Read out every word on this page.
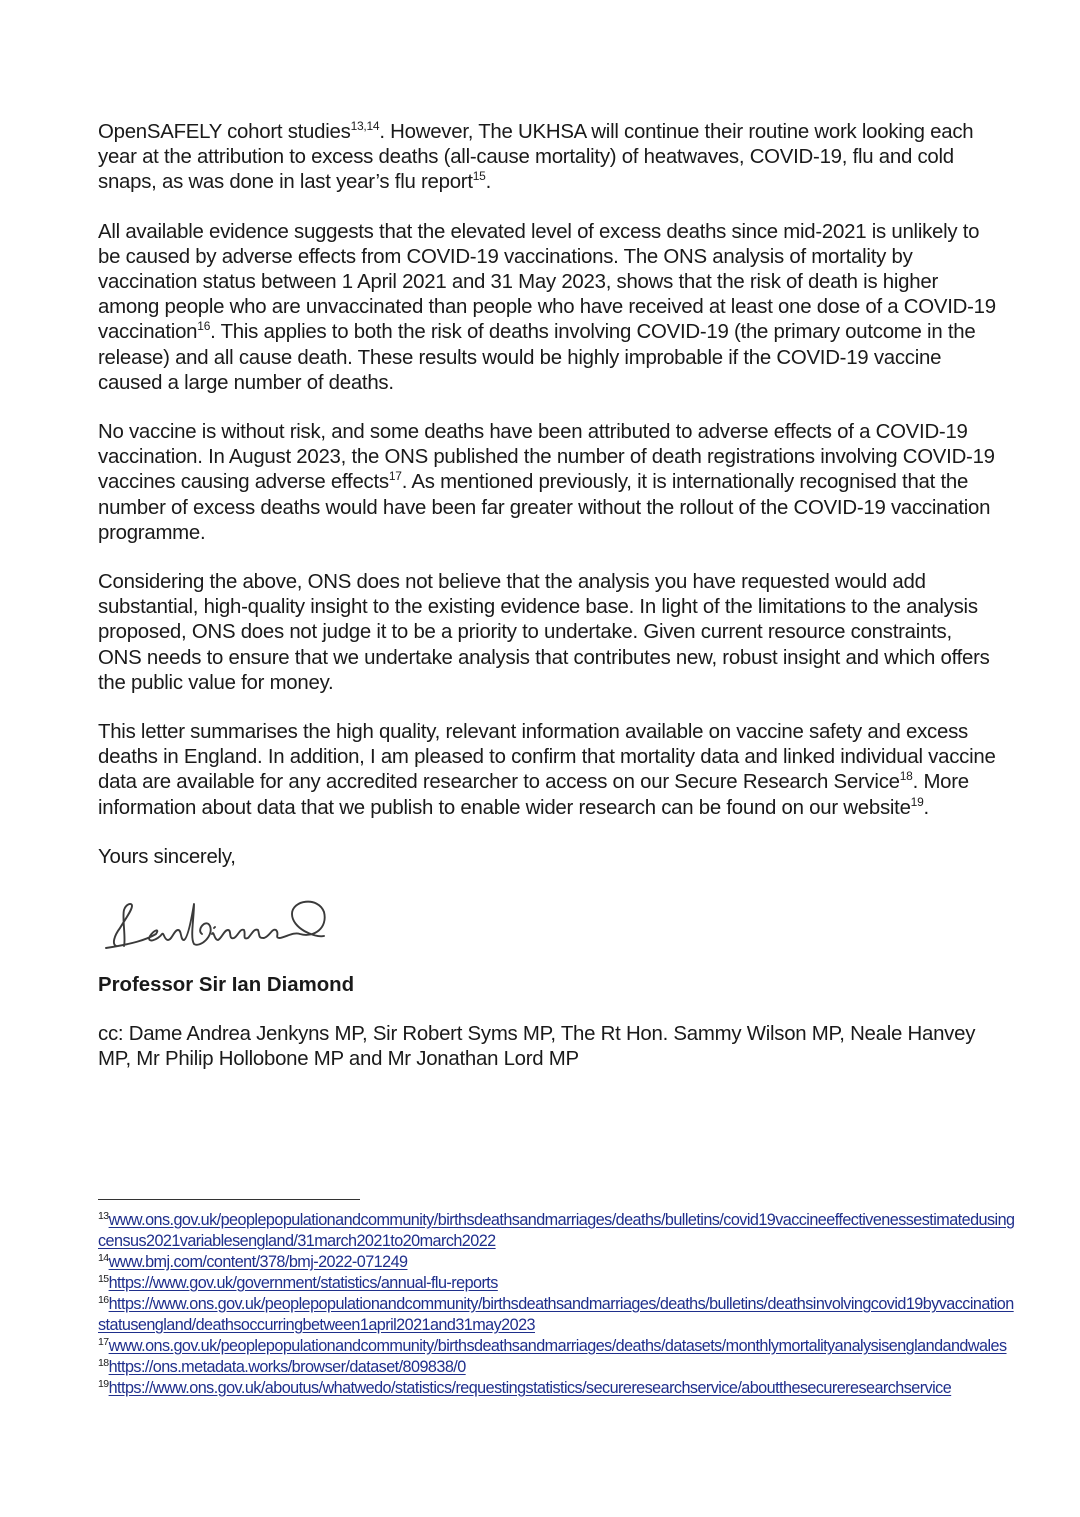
OpenSAFELY cohort studies$^{13,14}$. However, The UKHSA will continue their routine work looking each year at the attribution to excess deaths (all-cause mortality) of heatwaves, COVID-19, flu and cold snaps, as was done in last year’s flu report$^{15}$.

All available evidence suggests that the elevated level of excess deaths since mid-2021 is unlikely to be caused by adverse effects from COVID-19 vaccinations. The ONS analysis of mortality by vaccination status between 1 April 2021 and 31 May 2023, shows that the risk of death is higher among people who are unvaccinated than people who have received at least one dose of a COVID-19 vaccination$^{16}$. This applies to both the risk of deaths involving COVID-19 (the primary outcome in the release) and all cause death. These results would be highly improbable if the COVID-19 vaccine caused a large number of deaths.

No vaccine is without risk, and some deaths have been attributed to adverse effects of a COVID-19 vaccination. In August 2023, the ONS published the number of death registrations involving COVID-19 vaccines causing adverse effects$^{17}$. As mentioned previously, it is internationally recognised that the number of excess deaths would have been far greater without the rollout of the COVID-19 vaccination programme.

Considering the above, ONS does not believe that the analysis you have requested would add substantial, high-quality insight to the existing evidence base. In light of the limitations to the analysis proposed, ONS does not judge it to be a priority to undertake. Given current resource constraints, ONS needs to ensure that we undertake analysis that contributes new, robust insight and which offers the public value for money.

This letter summarises the high quality, relevant information available on vaccine safety and excess deaths in England. In addition, I am pleased to confirm that mortality data and linked individual vaccine data are available for any accredited researcher to access on our Secure Research Service$^{18}$. More information about data that we publish to enable wider research can be found on our website$^{19}$.

Yours sincerely,

Professor Sir Ian Diamond

cc: Dame Andrea Jenkyns MP, Sir Robert Syms MP, The Rt Hon. Sammy Wilson MP, Neale Hanvey MP, Mr Philip Hollobone MP and Mr Jonathan Lord MP

$^{13}$www.ons.gov.uk/peoplepopulationandcommunity/birthsdeathsandmarriages/deaths/bulletins/covid19vaccineeffectivenessestimatedusingcensus2021variablesengland/31march2021to20march2022

$^{14}$www.bmj.com/content/378/bmj-2022-071249

$^{15}$https://www.gov.uk/government/statistics/annual-flu-reports

$^{16}$https://www.ons.gov.uk/peoplepopulationandcommunity/birthsdeathsandmarriages/deaths/bulletins/deathsinvolvingcovid19byvaccinationstatusengland/deathsoccurringbetween1april2021and31may2023

$^{17}$www.ons.gov.uk/peoplepopulationandcommunity/birthsdeathsandmarriages/deaths/datasets/monthlymortalityanalysisenglandandwales

$^{18}$https://ons.metadata.works/browser/dataset/809838/0

$^{19}$https://www.ons.gov.uk/aboutus/whatwedo/statistics/requestingstatistics/secureresearchservice/aboutthesecureresearchservice
